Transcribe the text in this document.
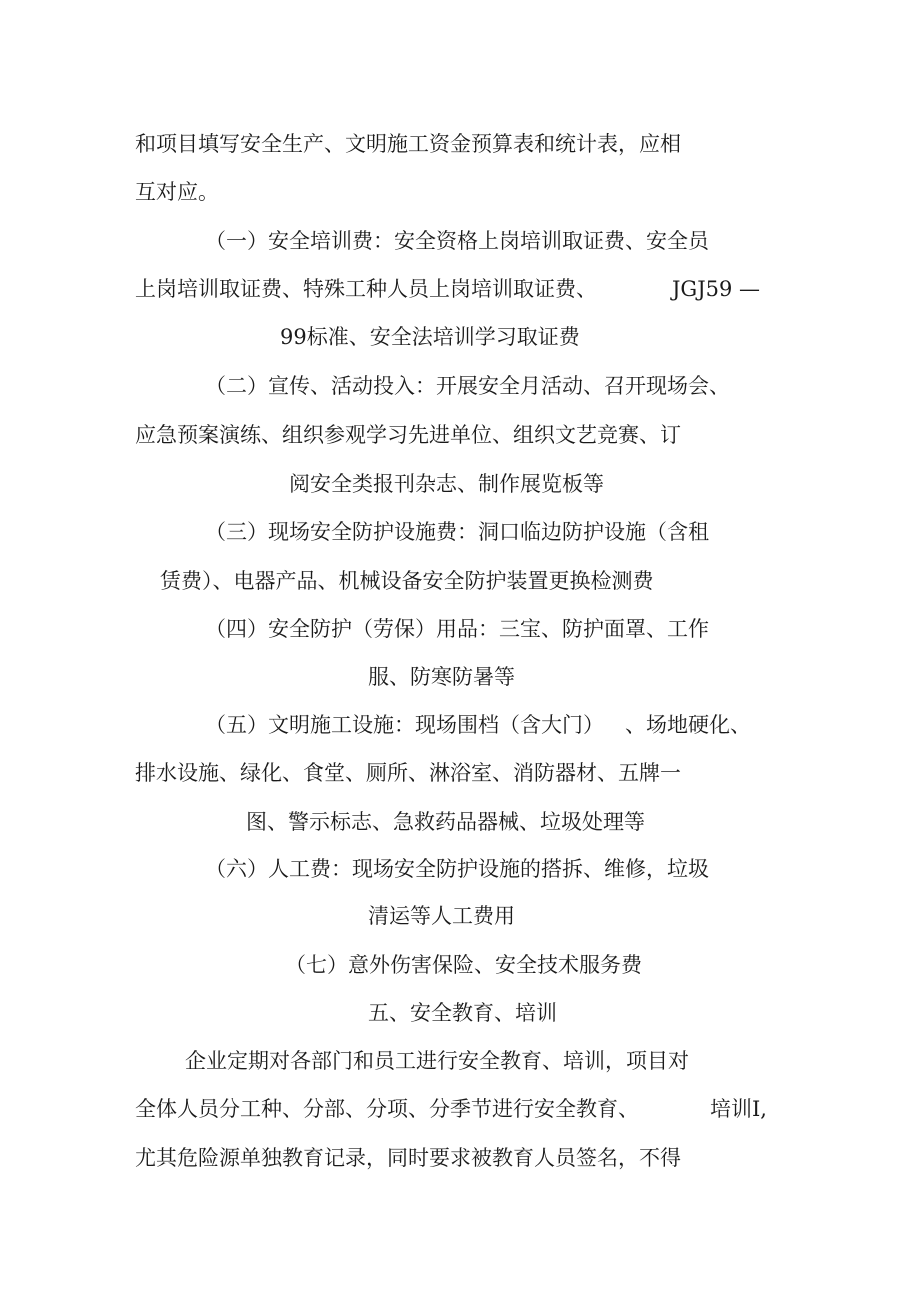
和项目填写安全生产、文明施工资金预算表和统计表，应相
互对应。
（一）安全培训费：安全资格上岗培训取证费、安全员
上岗培训取证费、特殊工种人员上岗培训取证费、	JGJ59 —
99标准、安全法培训学习取证费
（二）宣传、活动投入：开展安全月活动、召开现场会、
应急预案演练、组织参观学习先进单位、组织文艺竞赛、订
阅安全类报刊杂志、制作展览板等
（三）现场安全防护设施费：洞口临边防护设施（含租
赁费）、电器产品、机械设备安全防护装置更换检测费
（四）安全防护（劳保）用品：三宝、防护面罩、工作
服、防寒防暑等
（五）文明施工设施：现场围档（含大门） 、场地硬化、
排水设施、绿化、食堂、厕所、淋浴室、消防器材、五牌一
图、警示标志、急救药品器械、垃圾处理等
（六）人工费：现场安全防护设施的搭拆、维修，垃圾
清运等人工费用
（七）意外伤害保险、安全技术服务费
五、安全教育、培训
企业定期对各部门和员工进行安全教育、培训，项目对
全体人员分工种、分部、分项、分季节进行安全教育、	培训I,
尤其危险源单独教育记录，同时要求被教育人员签名，不得
